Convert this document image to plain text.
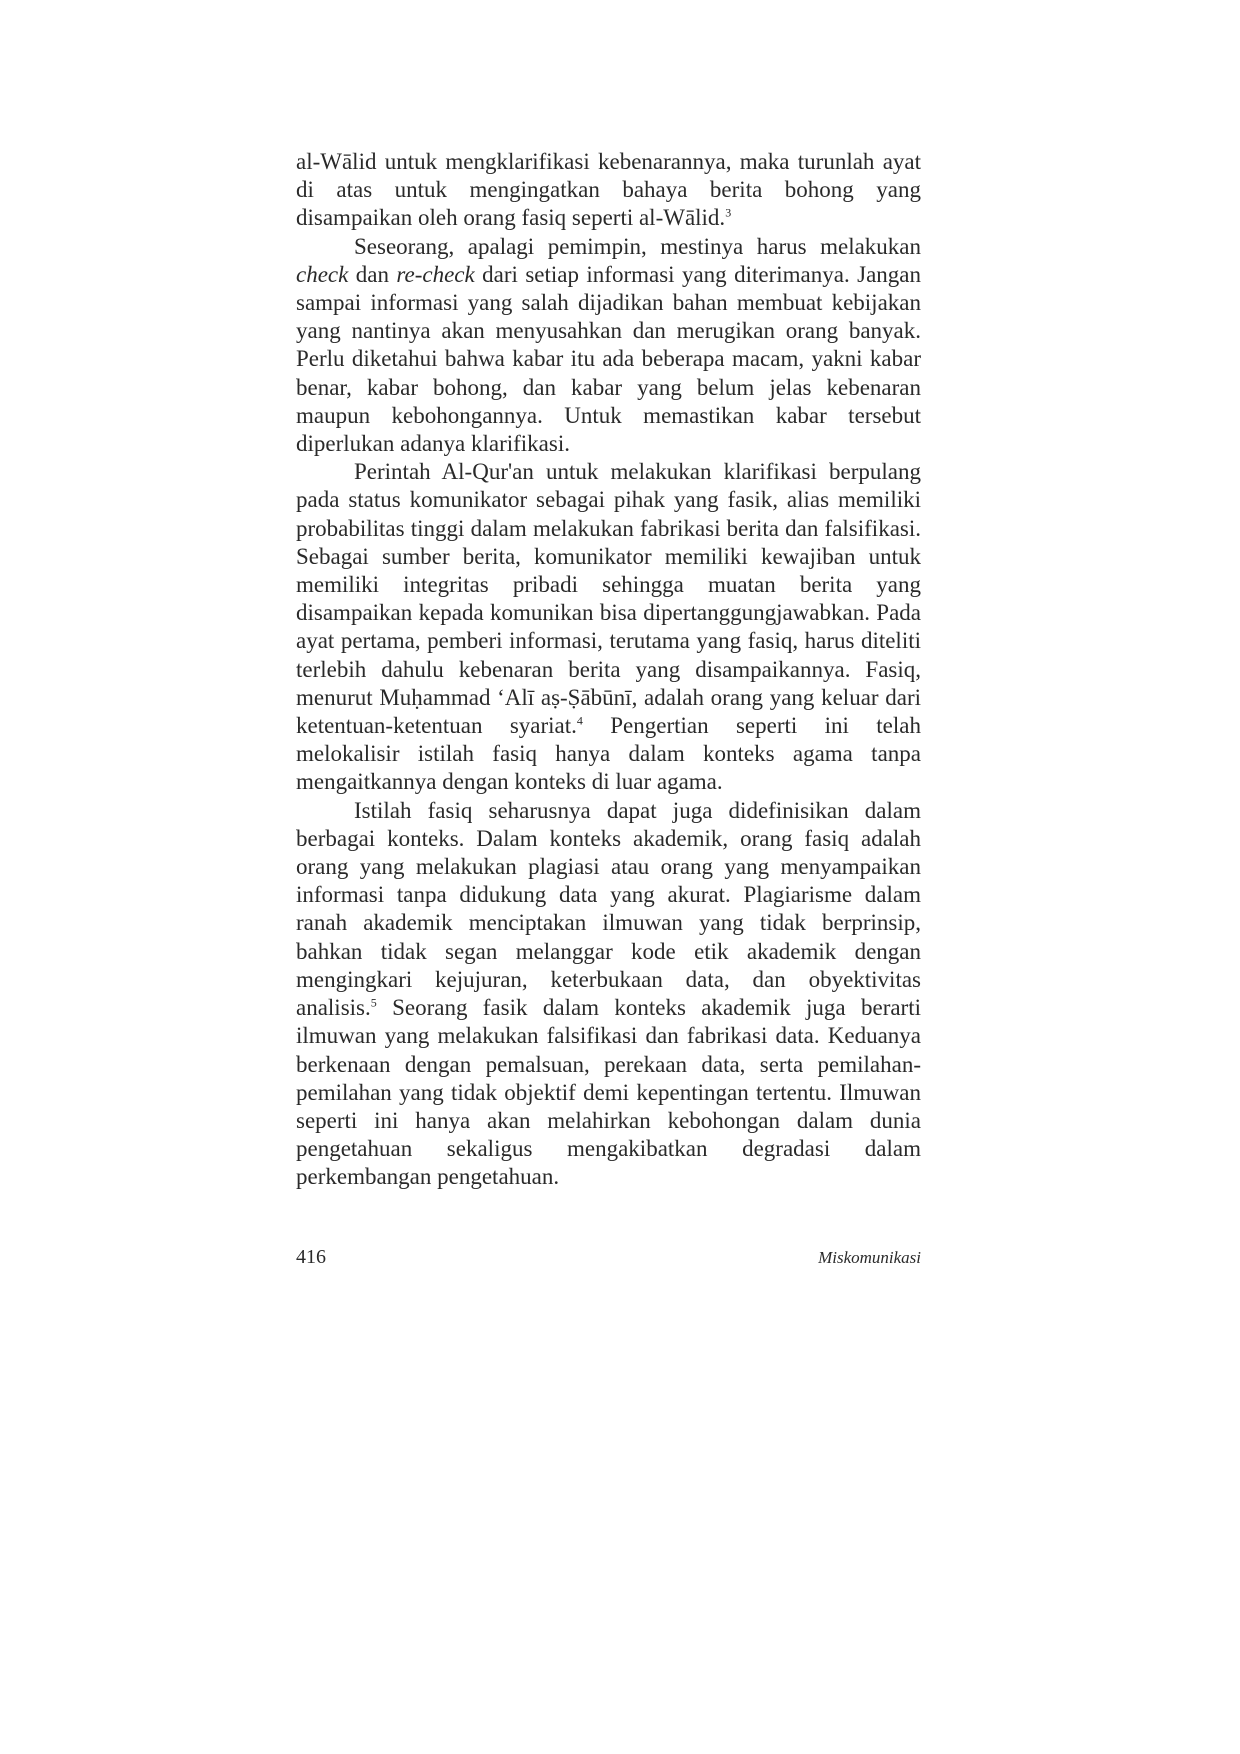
al-Wālid untuk mengklarifikasi kebenarannya, maka turunlah ayat di atas untuk mengingatkan bahaya berita bohong yang disampaikan oleh orang fasiq seperti al-Wālid.$^3$

Seseorang, apalagi pemimpin, mestinya harus melakukan check dan re-check dari setiap informasi yang diterimanya. Jangan sampai informasi yang salah dijadikan bahan membuat kebijakan yang nantinya akan menyusahkan dan merugikan orang banyak. Perlu diketahui bahwa kabar itu ada beberapa macam, yakni kabar benar, kabar bohong, dan kabar yang belum jelas kebenaran maupun kebohongannya. Untuk memastikan kabar tersebut diperlukan adanya klarifikasi.

Perintah Al-Qur'an untuk melakukan klarifikasi berpulang pada status komunikator sebagai pihak yang fasik, alias memiliki probabilitas tinggi dalam melakukan fabrikasi berita dan falsifikasi. Sebagai sumber berita, komunikator memiliki kewajiban untuk memiliki integritas pribadi sehingga muatan berita yang disampaikan kepada komunikan bisa dipertanggungjawabkan. Pada ayat pertama, pemberi informasi, terutama yang fasiq, harus diteliti terlebih dahulu kebenaran berita yang disampaikannya. Fasiq, menurut Muḥammad ‘Alī aṣ-Ṣābūnī, adalah orang yang keluar dari ketentuan-ketentuan syariat.$^4$ Pengertian seperti ini telah melokalisir istilah fasiq hanya dalam konteks agama tanpa mengaitkannya dengan konteks di luar agama.

Istilah fasiq seharusnya dapat juga didefinisikan dalam berbagai konteks. Dalam konteks akademik, orang fasiq adalah orang yang melakukan plagiasi atau orang yang menyampaikan informasi tanpa didukung data yang akurat. Plagiarisme dalam ranah akademik menciptakan ilmuwan yang tidak berprinsip, bahkan tidak segan melanggar kode etik akademik dengan mengingkari kejujuran, keterbukaan data, dan obyektivitas analisis.$^5$ Seorang fasik dalam konteks akademik juga berarti ilmuwan yang melakukan falsifikasi dan fabrikasi data. Keduanya berkenaan dengan pemalsuan, perekaan data, serta pemilahan-pemilahan yang tidak objektif demi kepentingan tertentu. Ilmuwan seperti ini hanya akan melahirkan kebohongan dalam dunia pengetahuan sekaligus mengakibatkan degradasi dalam perkembangan pengetahuan.

416	Miskomunikasi
